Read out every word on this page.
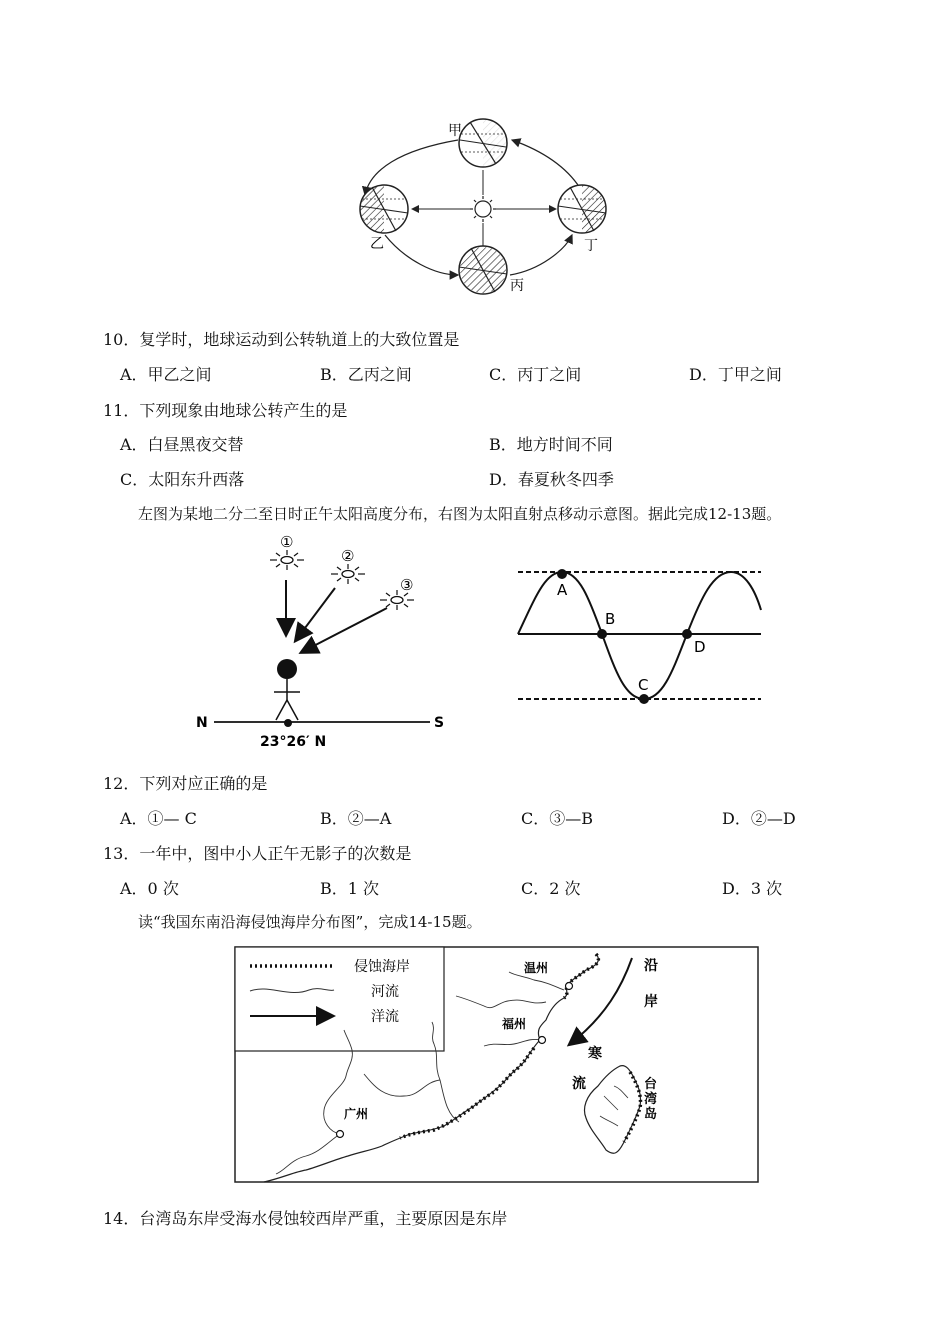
甲
乙
丙
丁
10．复学时，地球运动到公转轨道上的大致位置是
A．甲乙之间	B．乙丙之间	C．丙丁之间	D．丁甲之间
11．下列现象由地球公转产生的是
A．白昼黑夜交替	B．地方时间不同
C．太阳东升西落	D．春夏秋冬四季
左图为某地二分二至日时正午太阳高度分布，右图为太阳直射点移动示意图。据此完成12-13题。
①
②
③
N	S
23°26′ N
A
B
C
D
12．下列对应正确的是
A．①— C	B．②—A	C．③—B	D．②—D
13．一年中，图中小人正午无影子的次数是
A．0 次	B．1 次	C．2 次	D．3 次
读“我国东南沿海侵蚀海岸分布图”，完成14-15题。
侵蚀海岸
河流
洋流
温州
福州
广州
沿
岸
寒
流	台
湾
岛
14．台湾岛东岸受海水侵蚀较西岸严重，主要原因是东岸
